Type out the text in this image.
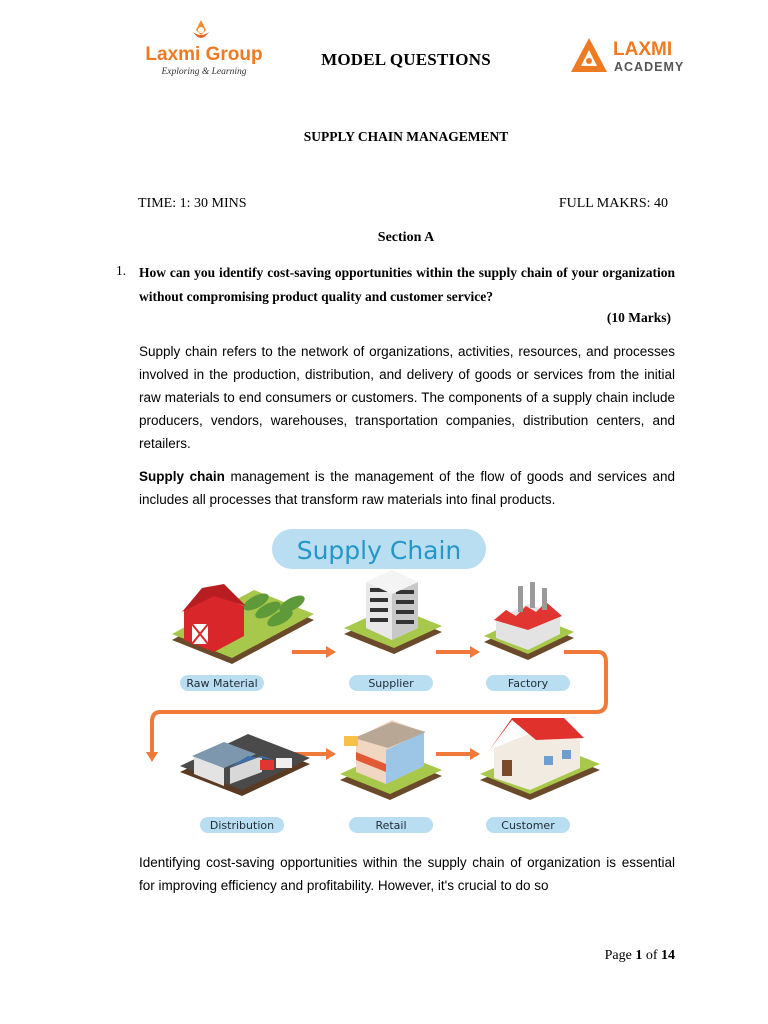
Laxmi Group
Exploring & Learning
MODEL QUESTIONS	LAXMI
ACADEMY
SUPPLY CHAIN MANAGEMENT
TIME: 1: 30 MINS	FULL MAKRS: 40
Section A
1. How can you identify cost-saving opportunities within the supply chain of your organization without compromising product quality and customer service?
(10 Marks)
Supply chain refers to the network of organizations, activities, resources, and processes involved in the production, distribution, and delivery of goods or services from the initial raw materials to end consumers or customers. The components of a supply chain include producers, vendors, warehouses, transportation companies, distribution centers, and retailers.
Supply chain management is the management of the flow of goods and services and includes all processes that transform raw materials into final products.
Supply Chain
Raw Material	Supplier	Factory
Distribution	Retail	Customer
Identifying cost-saving opportunities within the supply chain of organization is essential for improving efficiency and profitability. However, it's crucial to do so
Page 1 of 14
